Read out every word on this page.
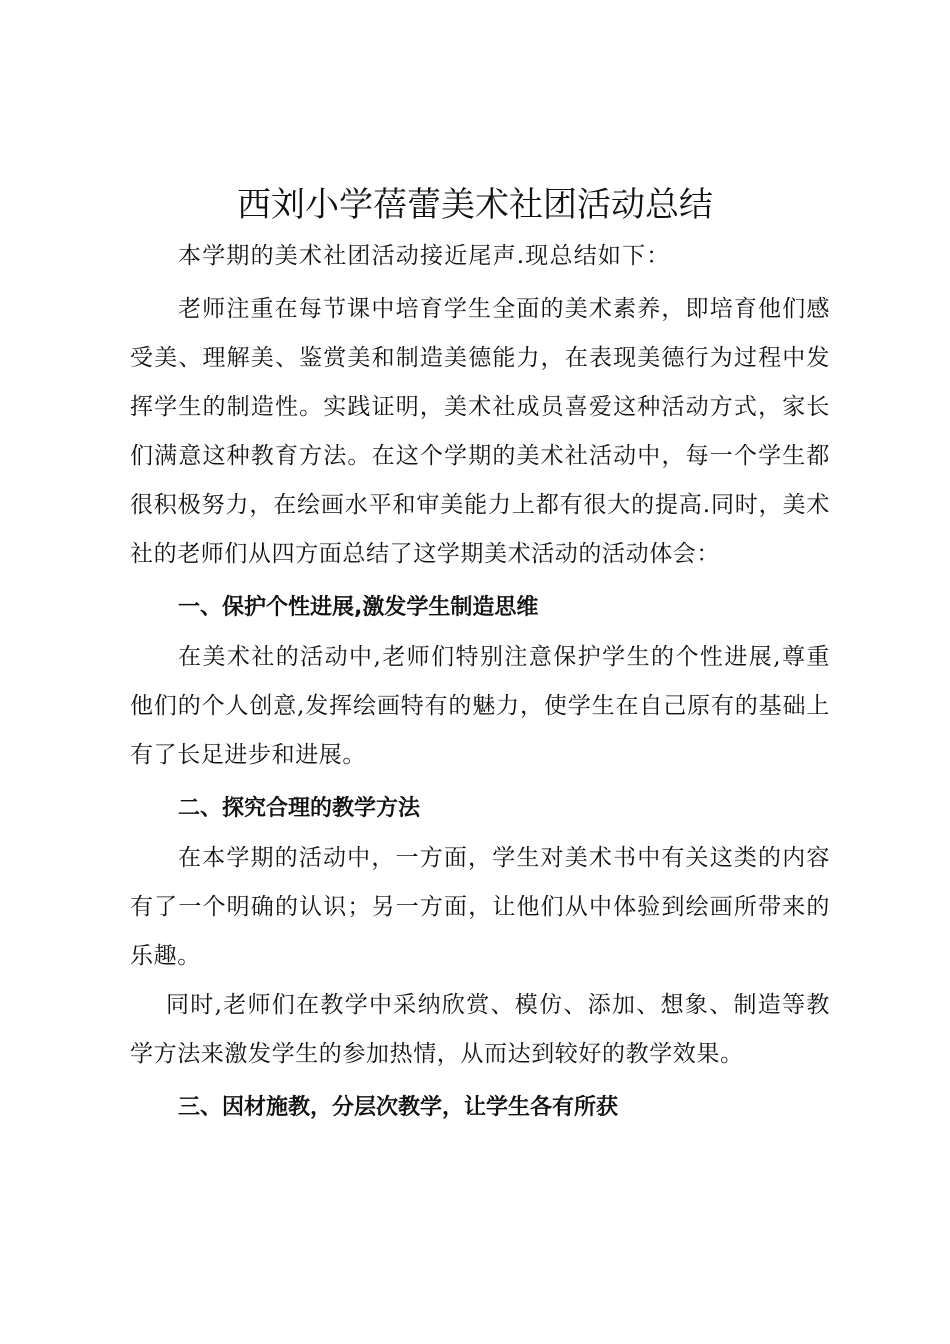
西刘小学蓓蕾美术社团活动总结

本学期的美术社团活动接近尾声.现总结如下：

老师注重在每节课中培育学生全面的美术素养，即培育他们感受美、理解美、鉴赏美和制造美德能力，在表现美德行为过程中发挥学生的制造性。实践证明，美术社成员喜爱这种活动方式，家长们满意这种教育方法。在这个学期的美术社活动中，每一个学生都很积极努力，在绘画水平和审美能力上都有很大的提高.同时，美术社的老师们从四方面总结了这学期美术活动的活动体会：

一、保护个性进展,激发学生制造思维

在美术社的活动中,老师们特别注意保护学生的个性进展,尊重他们的个人创意,发挥绘画特有的魅力，使学生在自己原有的基础上有了长足进步和进展。

二、探究合理的教学方法

在本学期的活动中，一方面，学生对美术书中有关这类的内容有了一个明确的认识；另一方面，让他们从中体验到绘画所带来的乐趣。

同时,老师们在教学中采纳欣赏、模仿、添加、想象、制造等教学方法来激发学生的参加热情，从而达到较好的教学效果。

三、因材施教，分层次教学，让学生各有所获
